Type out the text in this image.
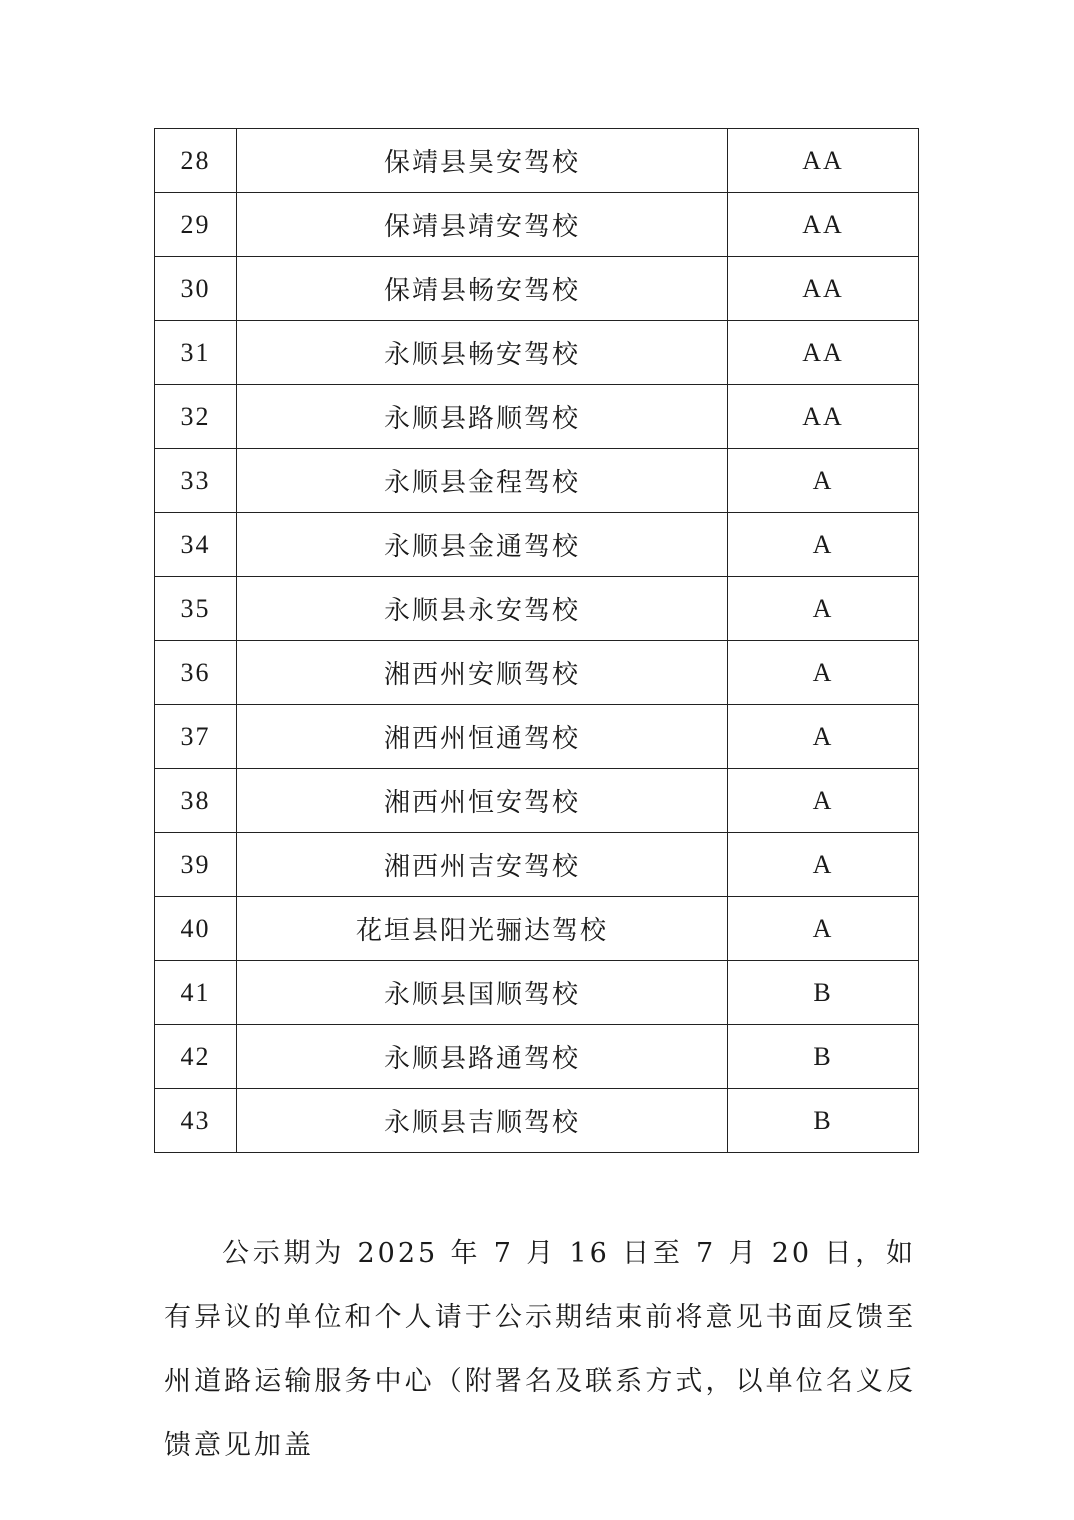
28	保靖县昊安驾校	AA
29	保靖县靖安驾校	AA
30	保靖县畅安驾校	AA
31	永顺县畅安驾校	AA
32	永顺县路顺驾校	AA
33	永顺县金程驾校	A
34	永顺县金通驾校	A
35	永顺县永安驾校	A
36	湘西州安顺驾校	A
37	湘西州恒通驾校	A
38	湘西州恒安驾校	A
39	湘西州吉安驾校	A
40	花垣县阳光骊达驾校	A
41	永顺县国顺驾校	B
42	永顺县路通驾校	B
43	永顺县吉顺驾校	B

公示期为 2025 年 7 月 16 日至 7 月 20 日，如有异议的单位和个人请于公示期结束前将意见书面反馈至州道路运输服务中心（附署名及联系方式，以单位名义反馈意见加盖
